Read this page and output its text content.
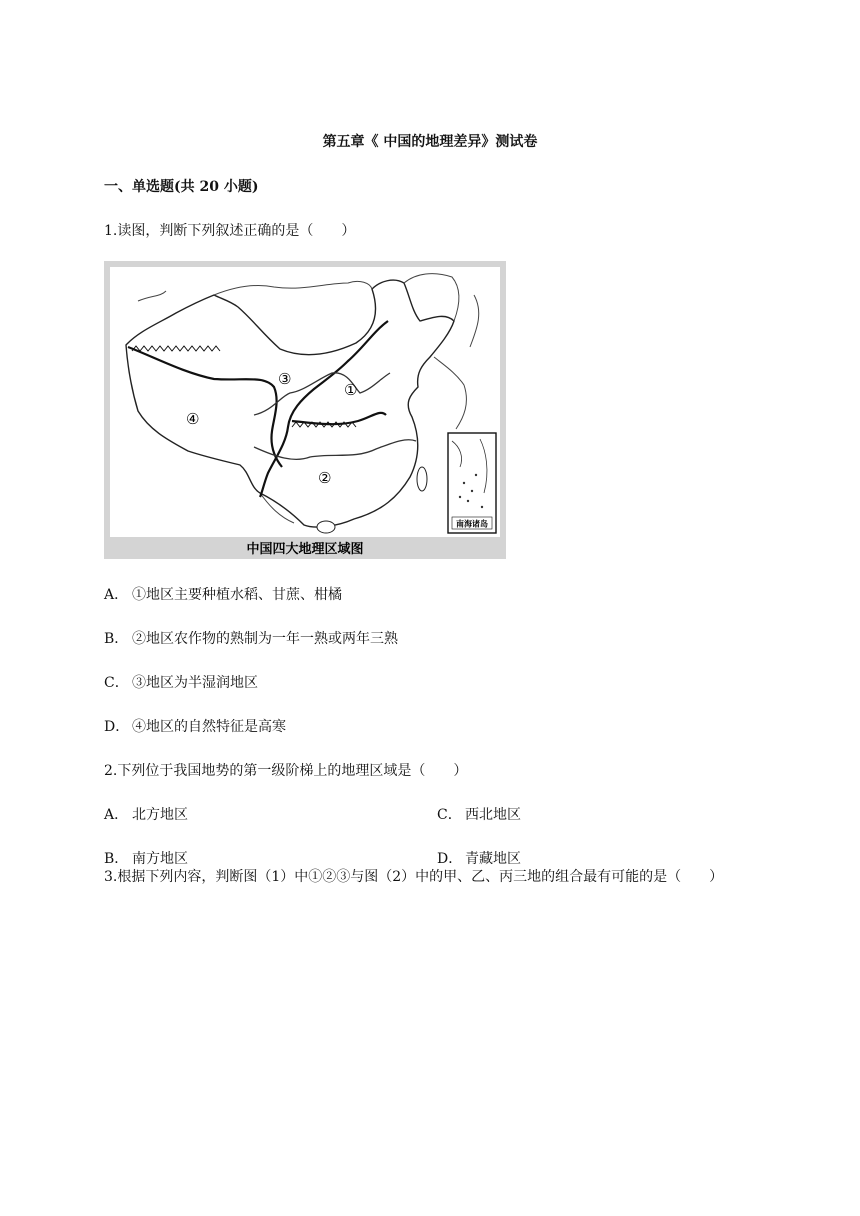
第五章《 中国的地理差异》测试卷
一、单选题(共 20 小题)
1.读图，判断下列叙述正确的是（　　）
①
②
③
④
南海诸岛
中国四大地理区域图
A． ①地区主要种植水稻、甘蔗、柑橘
B． ②地区农作物的熟制为一年一熟或两年三熟
C． ③地区为半湿润地区
D． ④地区的自然特征是高寒
2.下列位于我国地势的第一级阶梯上的地理区域是（　　）
A． 北方地区	C． 西北地区
B． 南方地区	D． 青藏地区
3.根据下列内容，判断图（1）中①②③与图（2）中的甲、乙、丙三地的组合最有可能的是（　　）
